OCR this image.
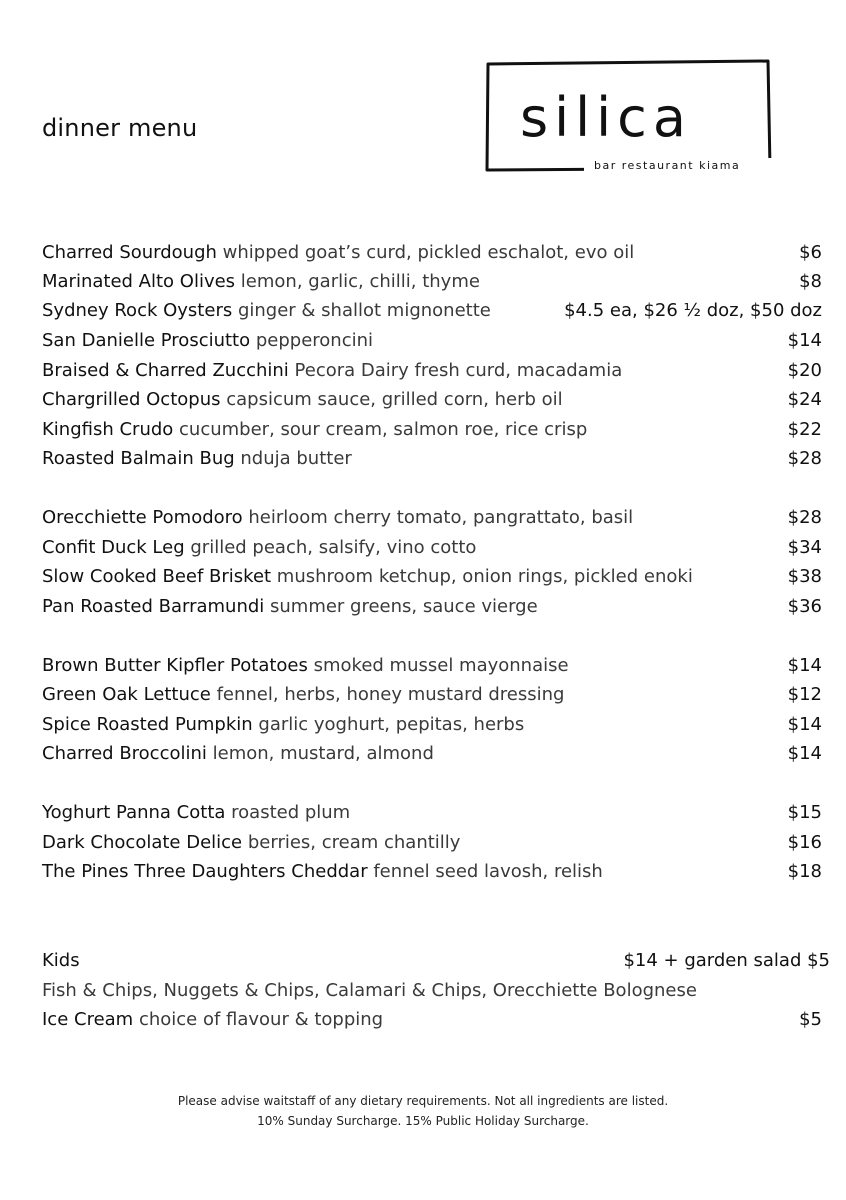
dinner menu	silica
bar restaurant kiama
Charred Sourdough whipped goat’s curd, pickled eschalot, evo oil	$6
Marinated Alto Olives lemon, garlic, chilli, thyme	$8
Sydney Rock Oysters ginger & shallot mignonette	$4.5 ea, $26 ½ doz, $50 doz
San Danielle Prosciutto pepperoncini	$14
Braised & Charred Zucchini Pecora Dairy fresh curd, macadamia	$20
Chargrilled Octopus capsicum sauce, grilled corn, herb oil	$24
Kingfish Crudo cucumber, sour cream, salmon roe, rice crisp	$22
Roasted Balmain Bug nduja butter	$28
Orecchiette Pomodoro heirloom cherry tomato, pangrattato, basil	$28
Confit Duck Leg grilled peach, salsify, vino cotto	$34
Slow Cooked Beef Brisket mushroom ketchup, onion rings, pickled enoki	$38
Pan Roasted Barramundi summer greens, sauce vierge	$36
Brown Butter Kipfler Potatoes smoked mussel mayonnaise	$14
Green Oak Lettuce fennel, herbs, honey mustard dressing	$12
Spice Roasted Pumpkin garlic yoghurt, pepitas, herbs	$14
Charred Broccolini lemon, mustard, almond	$14
Yoghurt Panna Cotta roasted plum	$15
Dark Chocolate Delice berries, cream chantilly	$16
The Pines Three Daughters Cheddar fennel seed lavosh, relish	$18
Kids	$14 + garden salad $5
Fish & Chips, Nuggets & Chips, Calamari & Chips, Orecchiette Bolognese
Ice Cream choice of flavour & topping	$5
Please advise waitstaff of any dietary requirements. Not all ingredients are listed.
10% Sunday Surcharge. 15% Public Holiday Surcharge.
